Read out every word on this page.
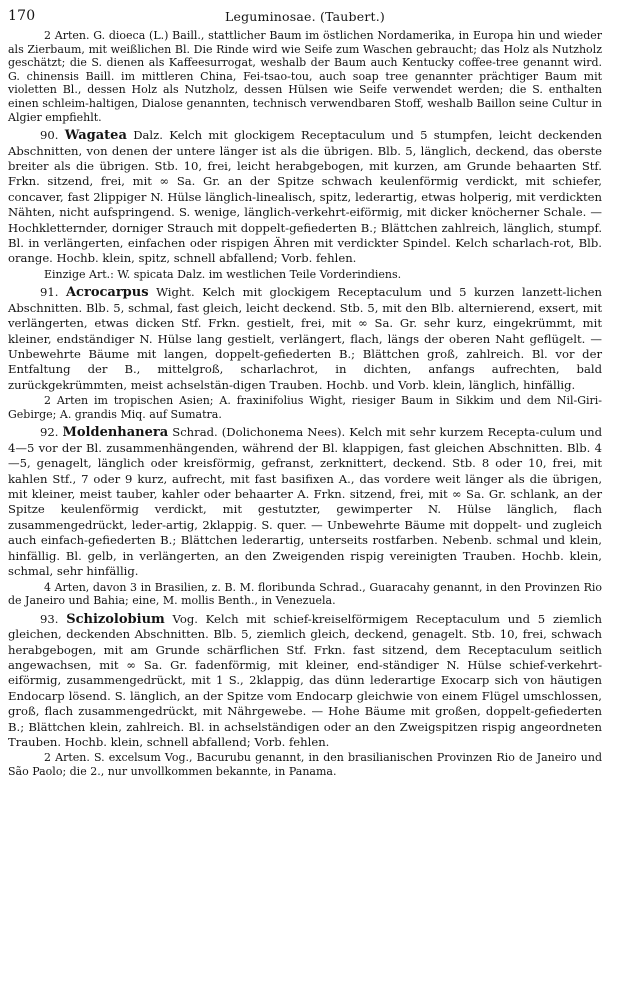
170	Leguminosae. (Taubert.)
2 Arten. G. dioeca (L.) Baill., stattlicher Baum im östlichen Nordamerika, in Europa hin und wieder als Zierbaum, mit weißlichen Bl. Die Rinde wird wie Seife zum Waschen gebraucht; das Holz als Nutzholz geschätzt; die S. dienen als Kaffeesurrogat, weshalb der Baum auch Kentucky coffee-tree genannt wird. G. chinensis Baill. im mittleren China, Fei-tsao-tou, auch soap tree genannter prächtiger Baum mit violetten Bl., dessen Holz als Nutzholz, dessen Hülsen wie Seife verwendet werden; die S. enthalten einen schleim-haltigen, Dialose genannten, technisch verwendbaren Stoff, weshalb Baillon seine Cultur in Algier empfiehlt.
90. Wagatea Dalz. Kelch mit glockigem Receptaculum und 5 stumpfen, leicht deckenden Abschnitten, von denen der untere länger ist als die übrigen. Blb. 5, länglich, deckend, das oberste breiter als die übrigen. Stb. 10, frei, leicht herabgebogen, mit kurzen, am Grunde behaarten Stf. Frkn. sitzend, frei, mit ∞ Sa. Gr. an der Spitze schwach keulenförmig verdickt, mit schiefer, concaver, fast 2lippiger N. Hülse länglich-linealisch, spitz, lederartig, etwas holperig, mit verdickten Nähten, nicht aufspringend. S. wenige, länglich-verkehrt-eiförmig, mit dicker knöcherner Schale. — Hochkletternder, dorniger Strauch mit doppelt-gefiederten B.; Blättchen zahlreich, länglich, stumpf. Bl. in verlängerten, einfachen oder rispigen Ähren mit verdickter Spindel. Kelch scharlach-rot, Blb. orange. Hochb. klein, spitz, schnell abfallend; Vorb. fehlen.
Einzige Art.: W. spicata Dalz. im westlichen Teile Vorderindiens.
91. Acrocarpus Wight. Kelch mit glockigem Receptaculum und 5 kurzen lanzett-lichen Abschnitten. Blb. 5, schmal, fast gleich, leicht deckend. Stb. 5, mit den Blb. alternierend, exsert, mit verlängerten, etwas dicken Stf. Frkn. gestielt, frei, mit ∞ Sa. Gr. sehr kurz, eingekrümmt, mit kleiner, endständiger N. Hülse lang gestielt, verlängert, flach, längs der oberen Naht geflügelt. — Unbewehrte Bäume mit langen, doppelt-gefiederten B.; Blättchen groß, zahlreich. Bl. vor der Entfaltung der B., mittelgroß, scharlachrot, in dichten, anfangs aufrechten, bald zurückgekrümmten, meist achselstän-digen Trauben. Hochb. und Vorb. klein, länglich, hinfällig.
2 Arten im tropischen Asien; A. fraxinifolius Wight, riesiger Baum in Sikkim und dem Nil-Giri-Gebirge; A. grandis Miq. auf Sumatra.
92. Moldenhanera Schrad. (Dolichonema Nees). Kelch mit sehr kurzem Recepta-culum und 4—5 vor der Bl. zusammenhängenden, während der Bl. klappigen, fast gleichen Abschnitten. Blb. 4—5, genagelt, länglich oder kreisförmig, gefranst, zerknittert, deckend. Stb. 8 oder 10, frei, mit kahlen Stf., 7 oder 9 kurz, aufrecht, mit fast basifixen A., das vordere weit länger als die übrigen, mit kleiner, meist tauber, kahler oder behaarter A. Frkn. sitzend, frei, mit ∞ Sa. Gr. schlank, an der Spitze keulenförmig verdickt, mit gestutzter, gewimperter N. Hülse länglich, flach zusammengedrückt, leder-artig, 2klappig. S. quer. — Unbewehrte Bäume mit doppelt- und zugleich auch einfach-gefiederten B.; Blättchen lederartig, unterseits rostfarben. Nebenb. schmal und klein, hinfällig. Bl. gelb, in verlängerten, an den Zweigenden rispig vereinigten Trauben. Hochb. klein, schmal, sehr hinfällig.
4 Arten, davon 3 in Brasilien, z. B. M. floribunda Schrad., Guaracahy genannt, in den Provinzen Rio de Janeiro und Bahia; eine, M. mollis Benth., in Venezuela.
93. Schizolobium Vog. Kelch mit schief-kreiselförmigem Receptaculum und 5 ziemlich gleichen, deckenden Abschnitten. Blb. 5, ziemlich gleich, deckend, genagelt. Stb. 10, frei, schwach herabgebogen, mit am Grunde schärflichen Stf. Frkn. fast sitzend, dem Receptaculum seitlich angewachsen, mit ∞ Sa. Gr. fadenförmig, mit kleiner, end-ständiger N. Hülse schief-verkehrt-eiförmig, zusammengedrückt, mit 1 S., 2klappig, das dünn lederartige Exocarp sich von häutigen Endocarp lösend. S. länglich, an der Spitze vom Endocarp gleichwie von einem Flügel umschlossen, groß, flach zusammengedrückt, mit Nährgewebe. — Hohe Bäume mit großen, doppelt-gefiederten B.; Blättchen klein, zahlreich. Bl. in achselständigen oder an den Zweigspitzen rispig angeordneten Trauben. Hochb. klein, schnell abfallend; Vorb. fehlen.
2 Arten. S. excelsum Vog., Bacurubu genannt, in den brasilianischen Provinzen Rio de Janeiro und São Paolo; die 2., nur unvollkommen bekannte, in Panama.
